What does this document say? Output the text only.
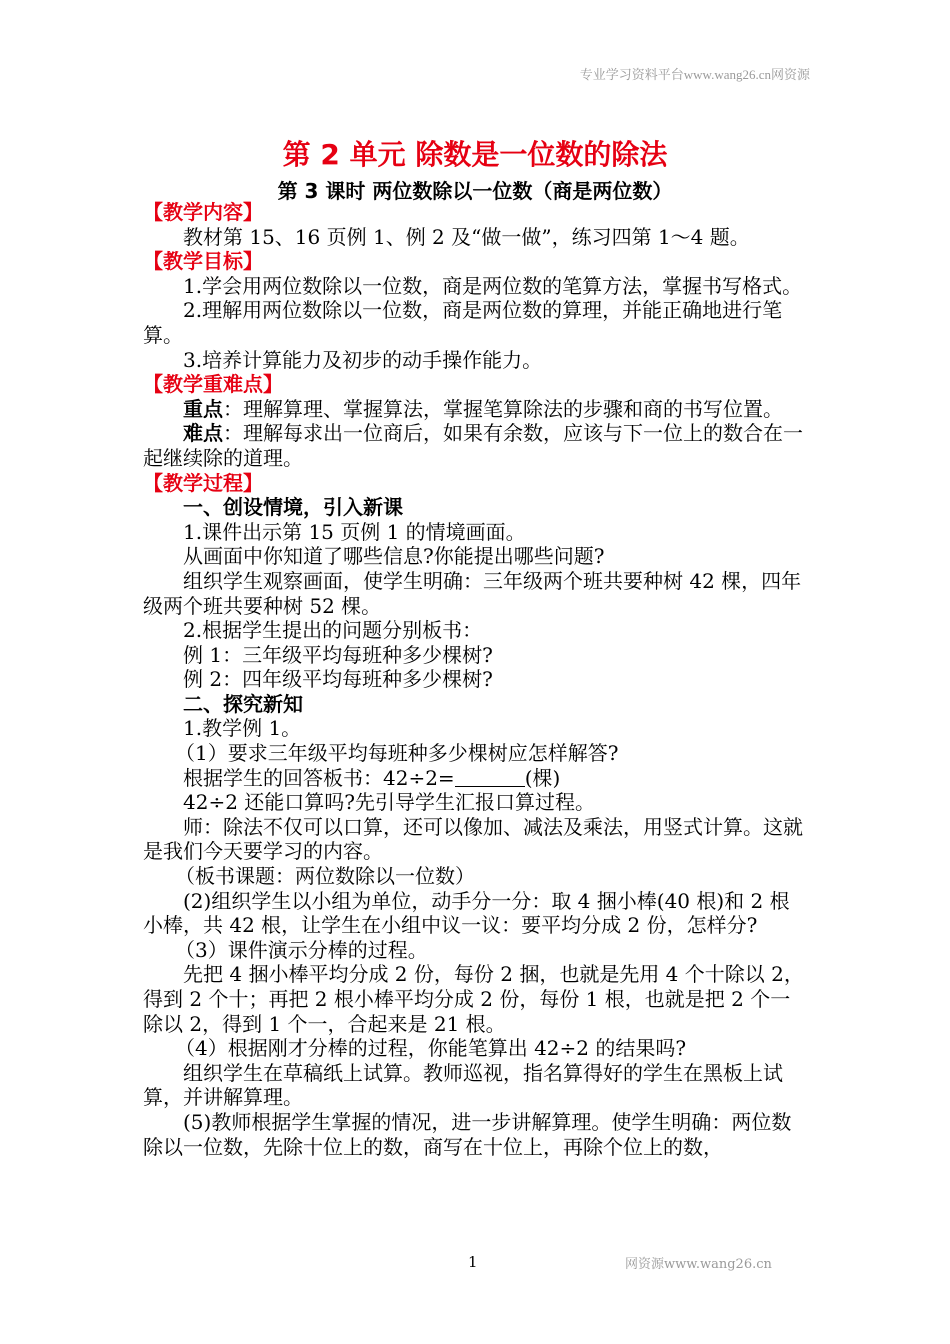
专业学习资料平台www.wang26.cn网资源
第 2 单元 除数是一位数的除法
第 3 课时 两位数除以一位数（商是两位数）
【教学内容】
教材第 15、16 页例 1、例 2 及“做一做”，练习四第 1～4 题。
【教学目标】
1.学会用两位数除以一位数，商是两位数的笔算方法，掌握书写格式。
2.理解用两位数除以一位数，商是两位数的算理，并能正确地进行笔算。
3.培养计算能力及初步的动手操作能力。
【教学重难点】
重点：理解算理、掌握算法，掌握笔算除法的步骤和商的书写位置。
难点：理解每求出一位商后，如果有余数，应该与下一位上的数合在一起继续除的道理。
【教学过程】
一、创设情境，引入新课
1.课件出示第 15 页例 1 的情境画面。
从画面中你知道了哪些信息?你能提出哪些问题?
组织学生观察画面，使学生明确：三年级两个班共要种树 42 棵，四年级两个班共要种树 52 棵。
2.根据学生提出的问题分别板书：
例 1：三年级平均每班种多少棵树?
例 2：四年级平均每班种多少棵树?
二、探究新知
1.教学例 1。
（1）要求三年级平均每班种多少棵树应怎样解答?
根据学生的回答板书：42÷2=	(棵)
42÷2 还能口算吗?先引导学生汇报口算过程。
师：除法不仅可以口算，还可以像加、减法及乘法，用竖式计算。这就是我们今天要学习的内容。
（板书课题：两位数除以一位数）
(2)组织学生以小组为单位，动手分一分：取 4 捆小棒(40 根)和 2 根小棒，共 42 根，让学生在小组中议一议：要平均分成 2 份，怎样分?
（3）课件演示分棒的过程。
先把 4 捆小棒平均分成 2 份，每份 2 捆，也就是先用 4 个十除以 2，得到 2 个十；再把 2 根小棒平均分成 2 份，每份 1 根，也就是把 2 个一除以 2，得到 1 个一，合起来是 21 根。
（4）根据刚才分棒的过程，你能笔算出 42÷2 的结果吗?
组织学生在草稿纸上试算。教师巡视，指名算得好的学生在黑板上试算，并讲解算理。
(5)教师根据学生掌握的情况，进一步讲解算理。使学生明确：两位数除以一位数，先除十位上的数，商写在十位上，再除个位上的数，
1	网资源www.wang26.cn
